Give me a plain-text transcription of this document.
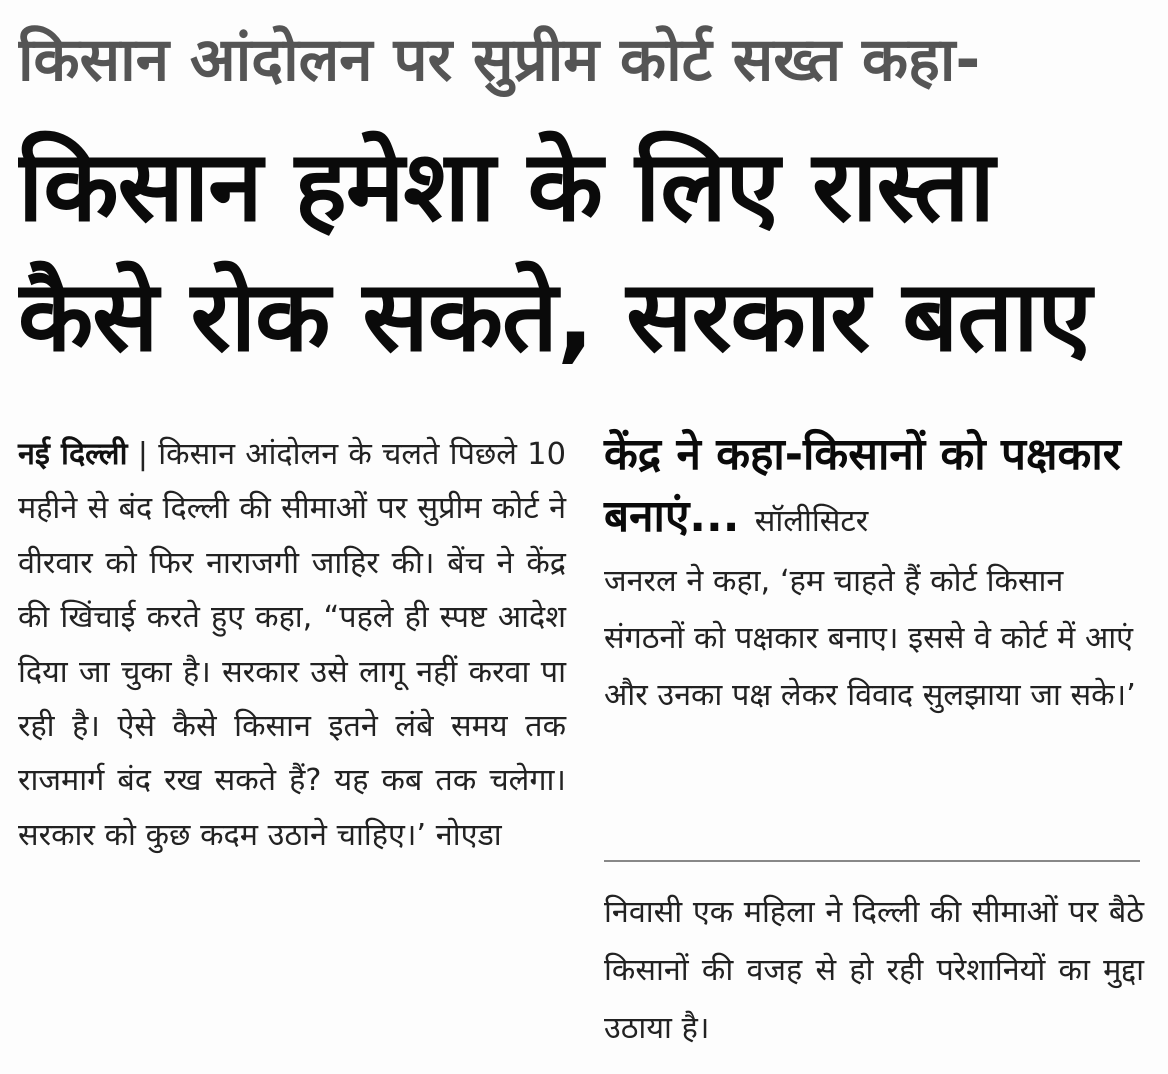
किसान आंदोलन पर सुप्रीम कोर्ट सख्त कहा-
किसान हमेशा के लिए रास्ता
कैसे रोक सकते, सरकार बताए
नई दिल्ली | किसान आंदोलन के चलते पिछले 10 महीने से बंद दिल्ली की सीमाओं पर सुप्रीम कोर्ट ने वीरवार को फिर नाराजगी जाहिर की। बेंच ने केंद्र की खिंचाई करते हुए कहा, “पहले ही स्पष्ट आदेश दिया जा चुका है। सरकार उसे लागू नहीं करवा पा रही है। ऐसे कैसे किसान इतने लंबे समय तक राजमार्ग बंद रख सकते हैं? यह कब तक चलेगा। सरकार को कुछ कदम उठाने चाहिए।’ नोएडा
केंद्र ने कहा-किसानों को पक्षकार बनाएं... सॉलीसिटर
जनरल ने कहा, ‘हम चाहते हैं कोर्ट किसान संगठनों को पक्षकार बनाए। इससे वे कोर्ट में आएं और उनका पक्ष लेकर विवाद सुलझाया जा सके।’
निवासी एक महिला ने दिल्ली की सीमाओं पर बैठे किसानों की वजह से हो रही परेशानियों का मुद्दा उठाया है।
